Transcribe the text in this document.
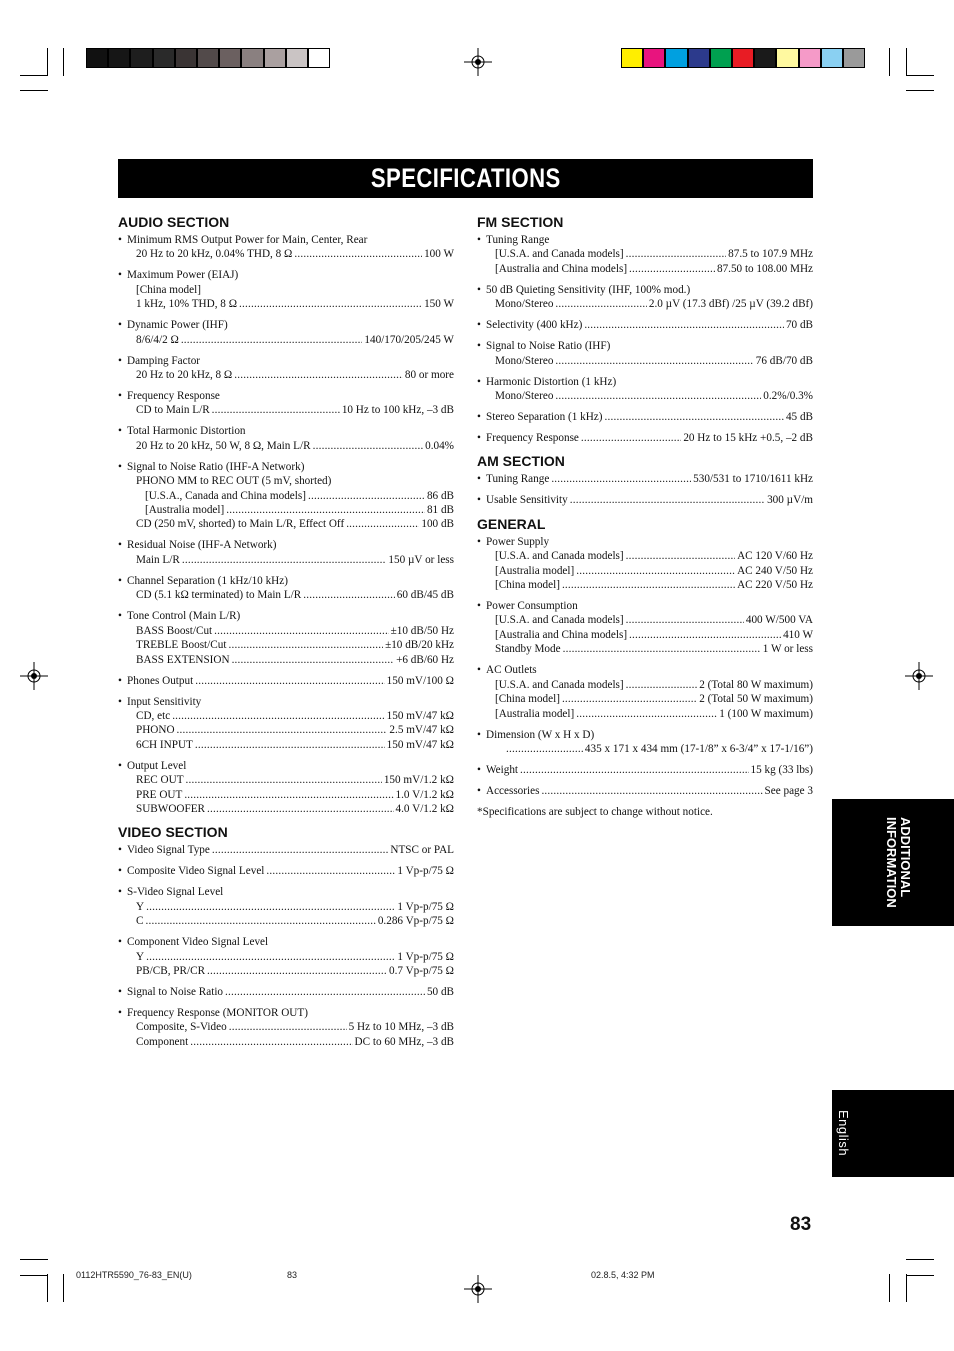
SPECIFICATIONS
AUDIO SECTION
• Minimum RMS Output Power for Main, Center, Rear
20 Hz to 20 kHz, 0.04% THD, 8 Ω .....	100 W
• Maximum Power (EIAJ)
[China model]
1 kHz, 10% THD, 8 Ω .....	150 W
• Dynamic Power (IHF)
8/6/4/2 Ω .....	140/170/205/245 W
• Damping Factor
20 Hz to 20 kHz, 8 Ω .....	80 or more
• Frequency Response
CD to Main L/R .....	10 Hz to 100 kHz, –3 dB
• Total Harmonic Distortion
20 Hz to 20 kHz, 50 W, 8 Ω, Main L/R .....	0.04%
• Signal to Noise Ratio (IHF-A Network)
PHONO MM to REC OUT (5 mV, shorted)
[U.S.A., Canada and China models] .....	86 dB
[Australia model] .....	81 dB
CD (250 mV, shorted) to Main L/R, Effect Off .....	100 dB
• Residual Noise (IHF-A Network)
Main L/R .....	150 µV or less
• Channel Separation (1 kHz/10 kHz)
CD (5.1 kΩ terminated) to Main L/R .....	60 dB/45 dB
• Tone Control (Main L/R)
BASS Boost/Cut .....	±10 dB/50 Hz
TREBLE Boost/Cut .....	±10 dB/20 kHz
BASS EXTENSION .....	+6 dB/60 Hz
• Phones Output .....	150 mV/100 Ω
• Input Sensitivity
CD, etc .....	150 mV/47 kΩ
PHONO .....	2.5 mV/47 kΩ
6CH INPUT .....	150 mV/47 kΩ
• Output Level
REC OUT .....	150 mV/1.2 kΩ
PRE OUT .....	1.0 V/1.2 kΩ
SUBWOOFER .....	4.0 V/1.2 kΩ
VIDEO SECTION
• Video Signal Type .....	NTSC or PAL
• Composite Video Signal Level .....	1 Vp-p/75 Ω
• S-Video Signal Level
Y .....	1 Vp-p/75 Ω
C .....	0.286 Vp-p/75 Ω
• Component Video Signal Level
Y .....	1 Vp-p/75 Ω
PB/CB, PR/CR .....	0.7 Vp-p/75 Ω
• Signal to Noise Ratio .....	50 dB
• Frequency Response (MONITOR OUT)
Composite, S-Video .....	5 Hz to 10 MHz, –3 dB
Component .....	DC to 60 MHz, –3 dB
FM SECTION
• Tuning Range
[U.S.A. and Canada models] .....	87.5 to 107.9 MHz
[Australia and China models] .....	87.50 to 108.00 MHz
• 50 dB Quieting Sensitivity (IHF, 100% mod.)
Mono/Stereo .....	2.0 µV (17.3 dBf) /25 µV (39.2 dBf)
• Selectivity (400 kHz) .....	70 dB
• Signal to Noise Ratio (IHF)
Mono/Stereo .....	76 dB/70 dB
• Harmonic Distortion (1 kHz)
Mono/Stereo .....	0.2%/0.3%
• Stereo Separation (1 kHz) .....	45 dB
• Frequency Response .....	20 Hz to 15 kHz +0.5, –2 dB
AM SECTION
• Tuning Range .....	530/531 to 1710/1611 kHz
• Usable Sensitivity .....	300 µV/m
GENERAL
• Power Supply
[U.S.A. and Canada models] .....	AC 120 V/60 Hz
[Australia model] .....	AC 240 V/50 Hz
[China model] .....	AC 220 V/50 Hz
• Power Consumption
[U.S.A. and Canada models] .....	400 W/500 VA
[Australia and China models] .....	410 W
Standby Mode .....	1 W or less
• AC Outlets
[U.S.A. and Canada models] .....	2 (Total 80 W maximum)
[China model] .....	2 (Total 50 W maximum)
[Australia model] .....	1 (100 W maximum)
• Dimension (W x H x D)
.....
435 x 171 x 434 mm (17-1/8” x 6-3/4” x 17-1/16”)
• Weight .....	15 kg (33 lbs)
• Accessories .....	See page 3
*Specifications are subject to change without notice.
ADDITIONAL
INFORMATION
English
83
0112HTR5590_76-83_EN(U)	83	02.8.5, 4:32 PM
